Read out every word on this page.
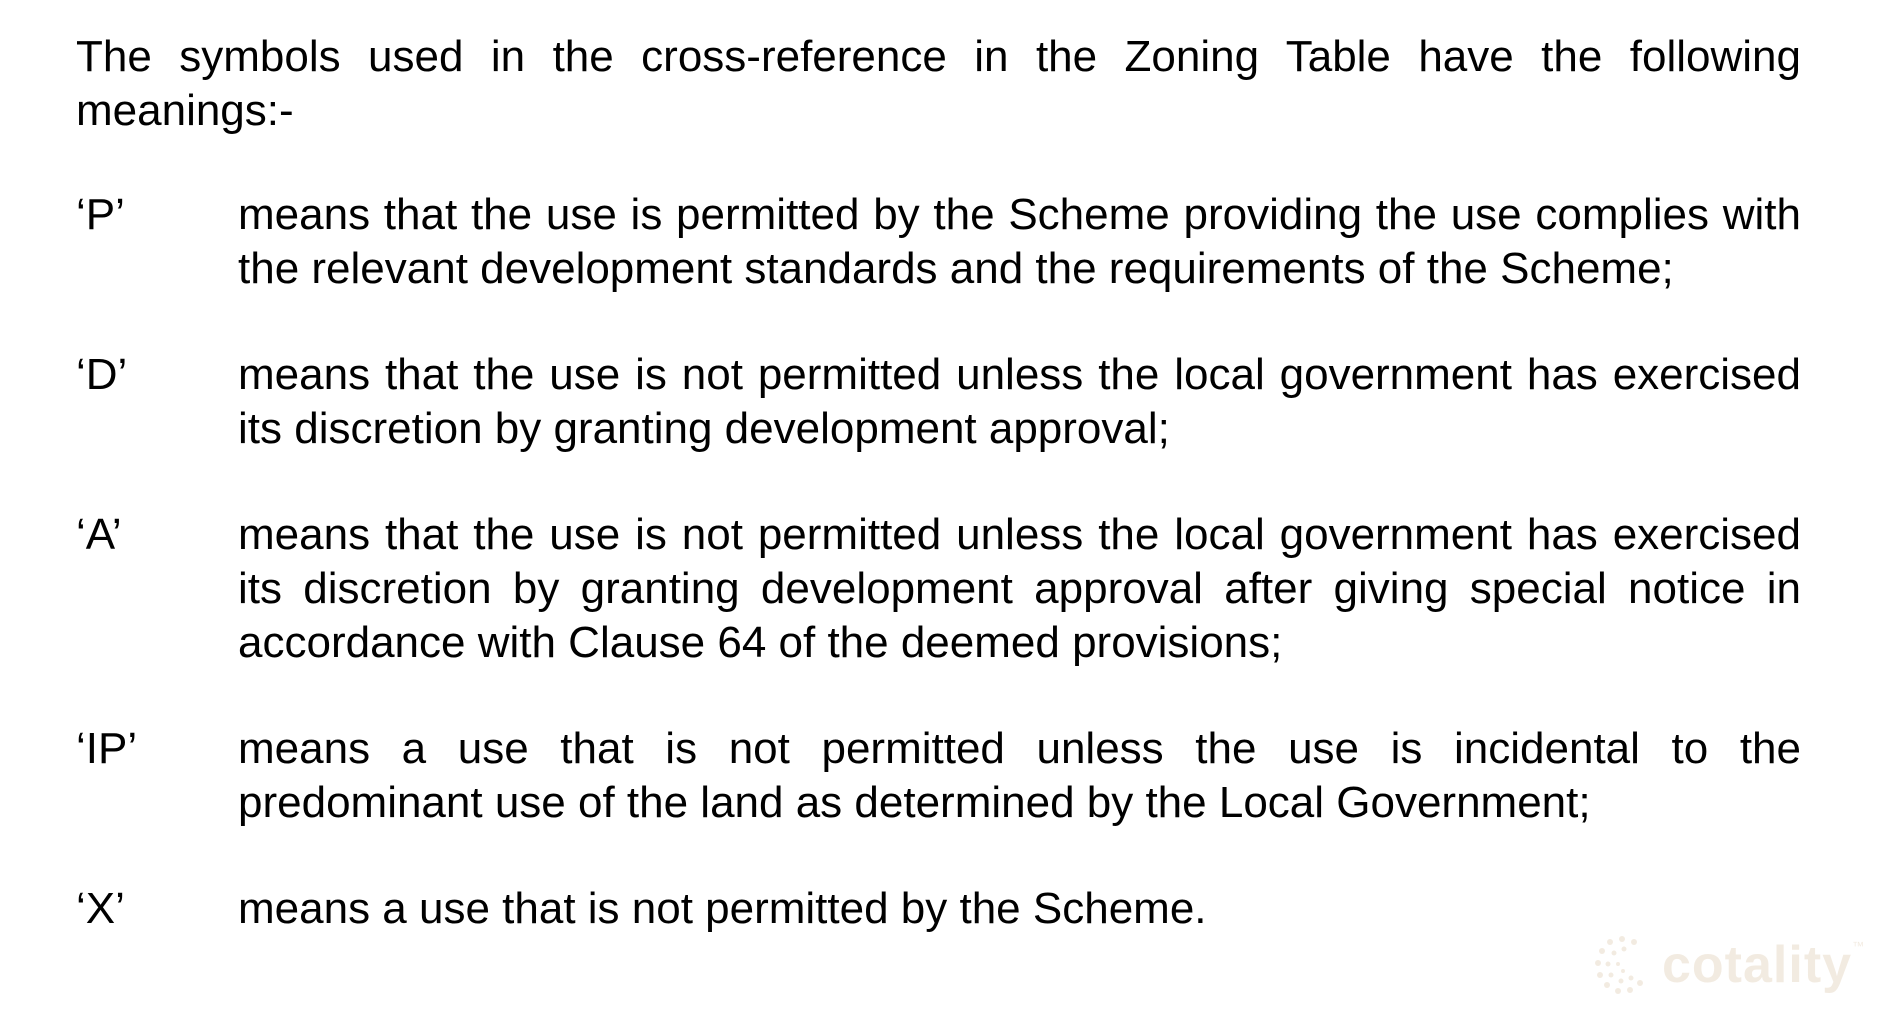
The symbols used in the cross-reference in the Zoning Table have the following meanings:-

‘P’	means that the use is permitted by the Scheme providing the use complies with the relevant development standards and the requirements of the Scheme;
‘D’	means that the use is not permitted unless the local government has exercised its discretion by granting development approval;
‘A’	means that the use is not permitted unless the local government has exercised its discretion by granting development approval after giving special notice in accordance with Clause 64 of the deemed provisions;
‘IP’	means a use that is not permitted unless the use is incidental to the predominant use of the land as determined by the Local Government;
‘X’	means a use that is not permitted by the Scheme.
cotality ™
